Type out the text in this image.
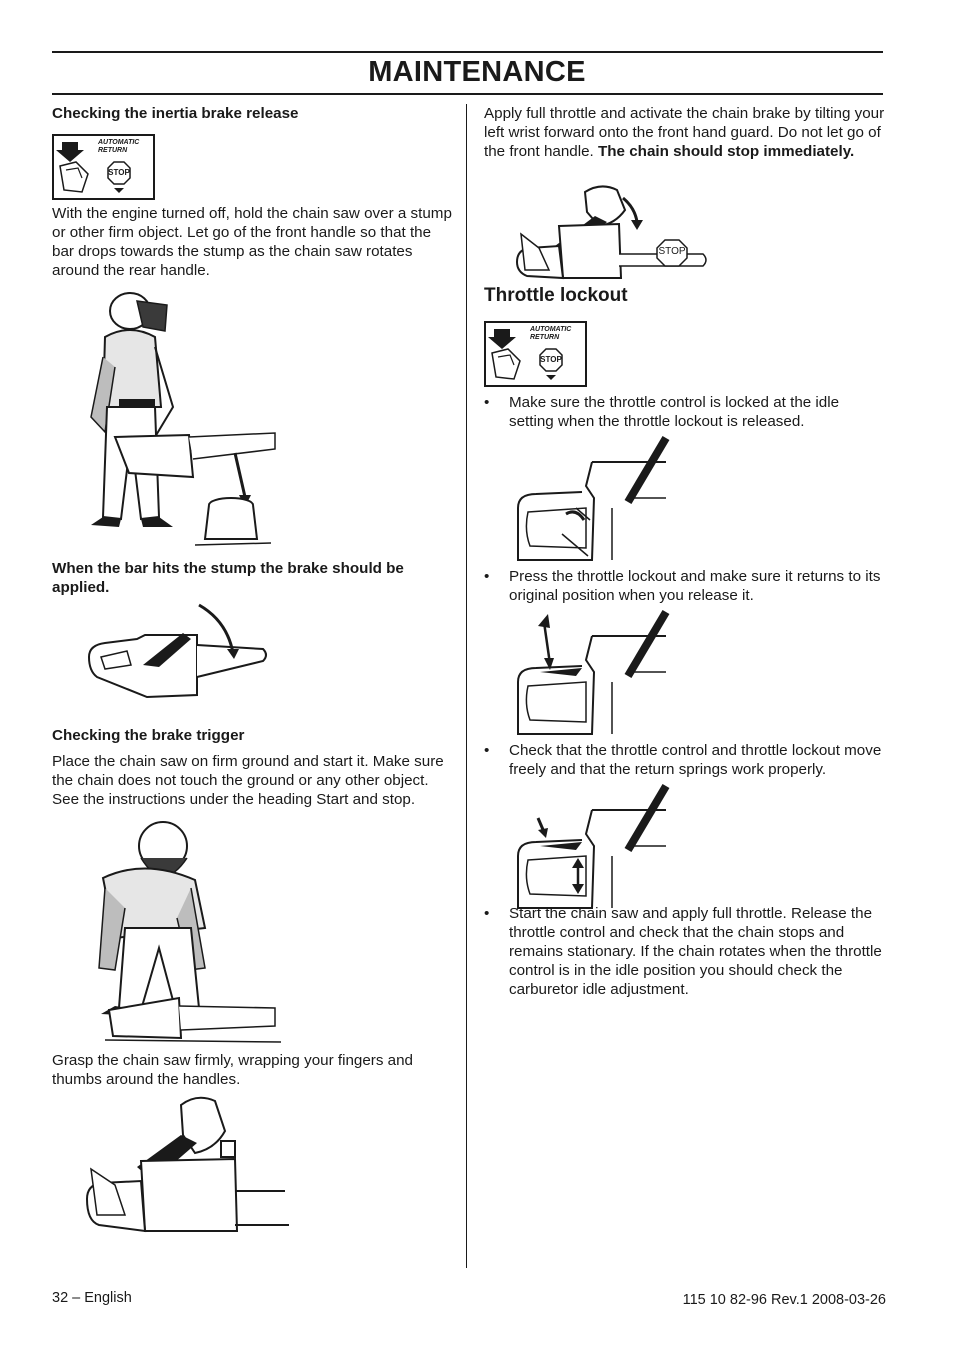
MAINTENANCE
Checking the inertia brake release
AUTOMATIC
RETURN
STOP
With the engine turned off, hold the chain saw over a stump or other firm object. Let go of the front handle so that the bar drops towards the stump as the chain saw rotates around the rear handle.
When the bar hits the stump the brake should be applied.
Checking the brake trigger
Place the chain saw on firm ground and start it. Make sure the chain does not touch the ground or any other object. See the instructions under the heading Start and stop.
Grasp the chain saw firmly, wrapping your fingers and thumbs around the handles.
Apply full throttle and activate the chain brake by tilting your left wrist forward onto the front hand guard. Do not let go of the front handle. The chain should stop immediately.
STOP
Throttle lockout
AUTOMATIC
RETURN
STOP
• Make sure the throttle control is locked at the idle setting when the throttle lockout is released.
• Press the throttle lockout and make sure it returns to its original position when you release it.
• Check that the throttle control and throttle lockout move freely and that the return springs work properly.
• Start the chain saw and apply full throttle. Release the throttle control and check that the chain stops and remains stationary. If the chain rotates when the throttle control is in the idle position you should check the carburetor idle adjustment.
32 – English	115 10 82-96 Rev.1 2008-03-26
